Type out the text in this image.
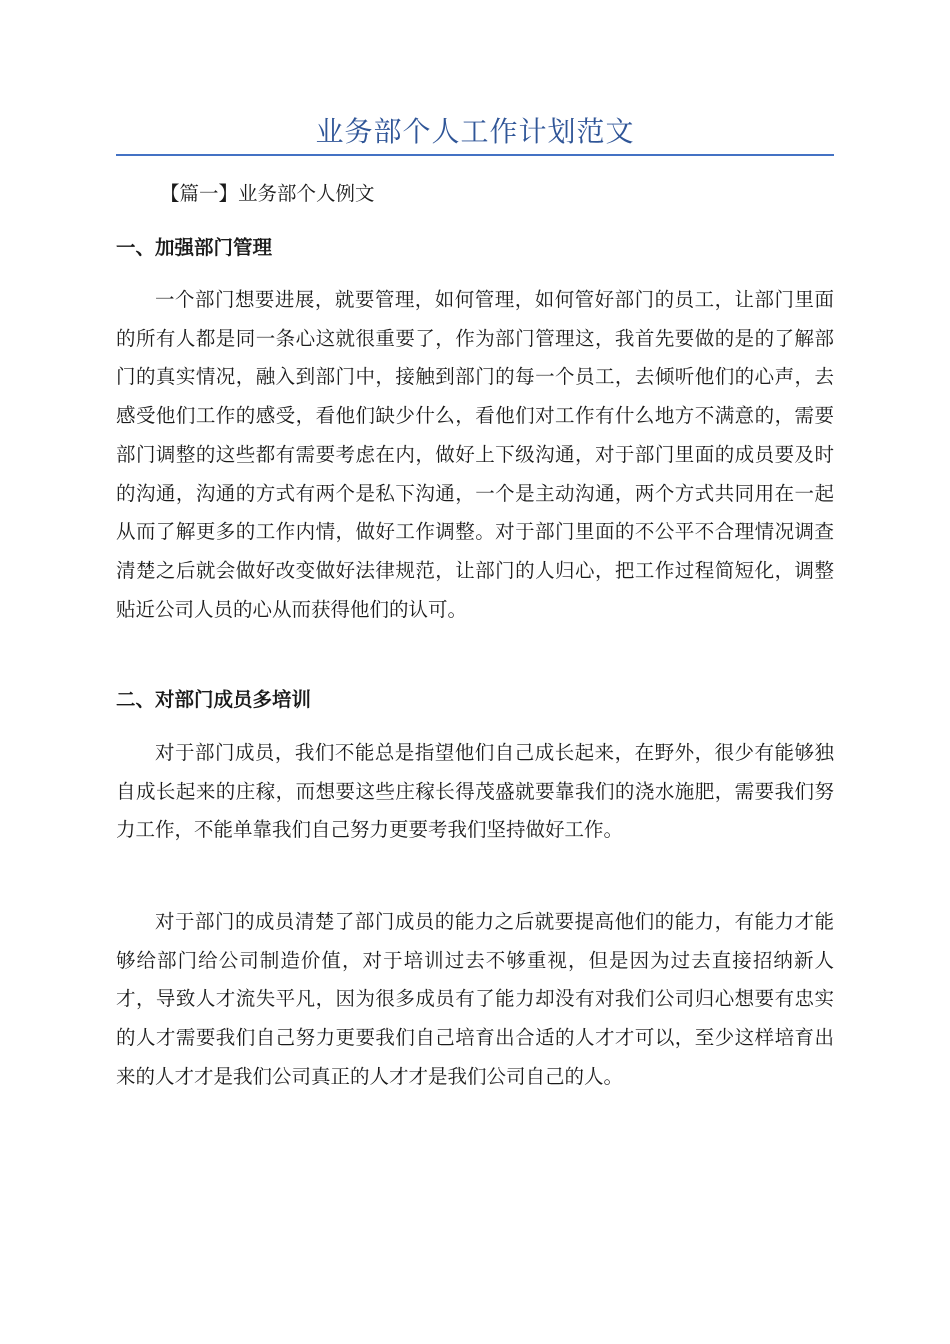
业务部个人工作计划范文
【篇一】业务部个人例文
一、加强部门管理

一个部门想要进展，就要管理，如何管理，如何管好部门的员工，让部门里面的所有人都是同一条心这就很重要了，作为部门管理这，我首先要做的是的了解部门的真实情况，融入到部门中，接触到部门的每一个员工，去倾听他们的心声，去感受他们工作的感受，看他们缺少什么，看他们对工作有什么地方不满意的，需要部门调整的这些都有需要考虑在内，做好上下级沟通，对于部门里面的成员要及时的沟通，沟通的方式有两个是私下沟通，一个是主动沟通，两个方式共同用在一起从而了解更多的工作内情，做好工作调整。对于部门里面的不公平不合理情况调查清楚之后就会做好改变做好法律规范，让部门的人归心，把工作过程简短化，调整贴近公司人员的心从而获得他们的认可。

二、对部门成员多培训

对于部门成员，我们不能总是指望他们自己成长起来，在野外，很少有能够独自成长起来的庄稼，而想要这些庄稼长得茂盛就要靠我们的浇水施肥，需要我们努力工作，不能单靠我们自己努力更要考我们坚持做好工作。

对于部门的成员清楚了部门成员的能力之后就要提高他们的能力，有能力才能够给部门给公司制造价值，对于培训过去不够重视，但是因为过去直接招纳新人才，导致人才流失平凡，因为很多成员有了能力却没有对我们公司归心想要有忠实的人才需要我们自己努力更要我们自己培育出合适的人才才可以，至少这样培育出来的人才才是我们公司真正的人才才是我们公司自己的人。
